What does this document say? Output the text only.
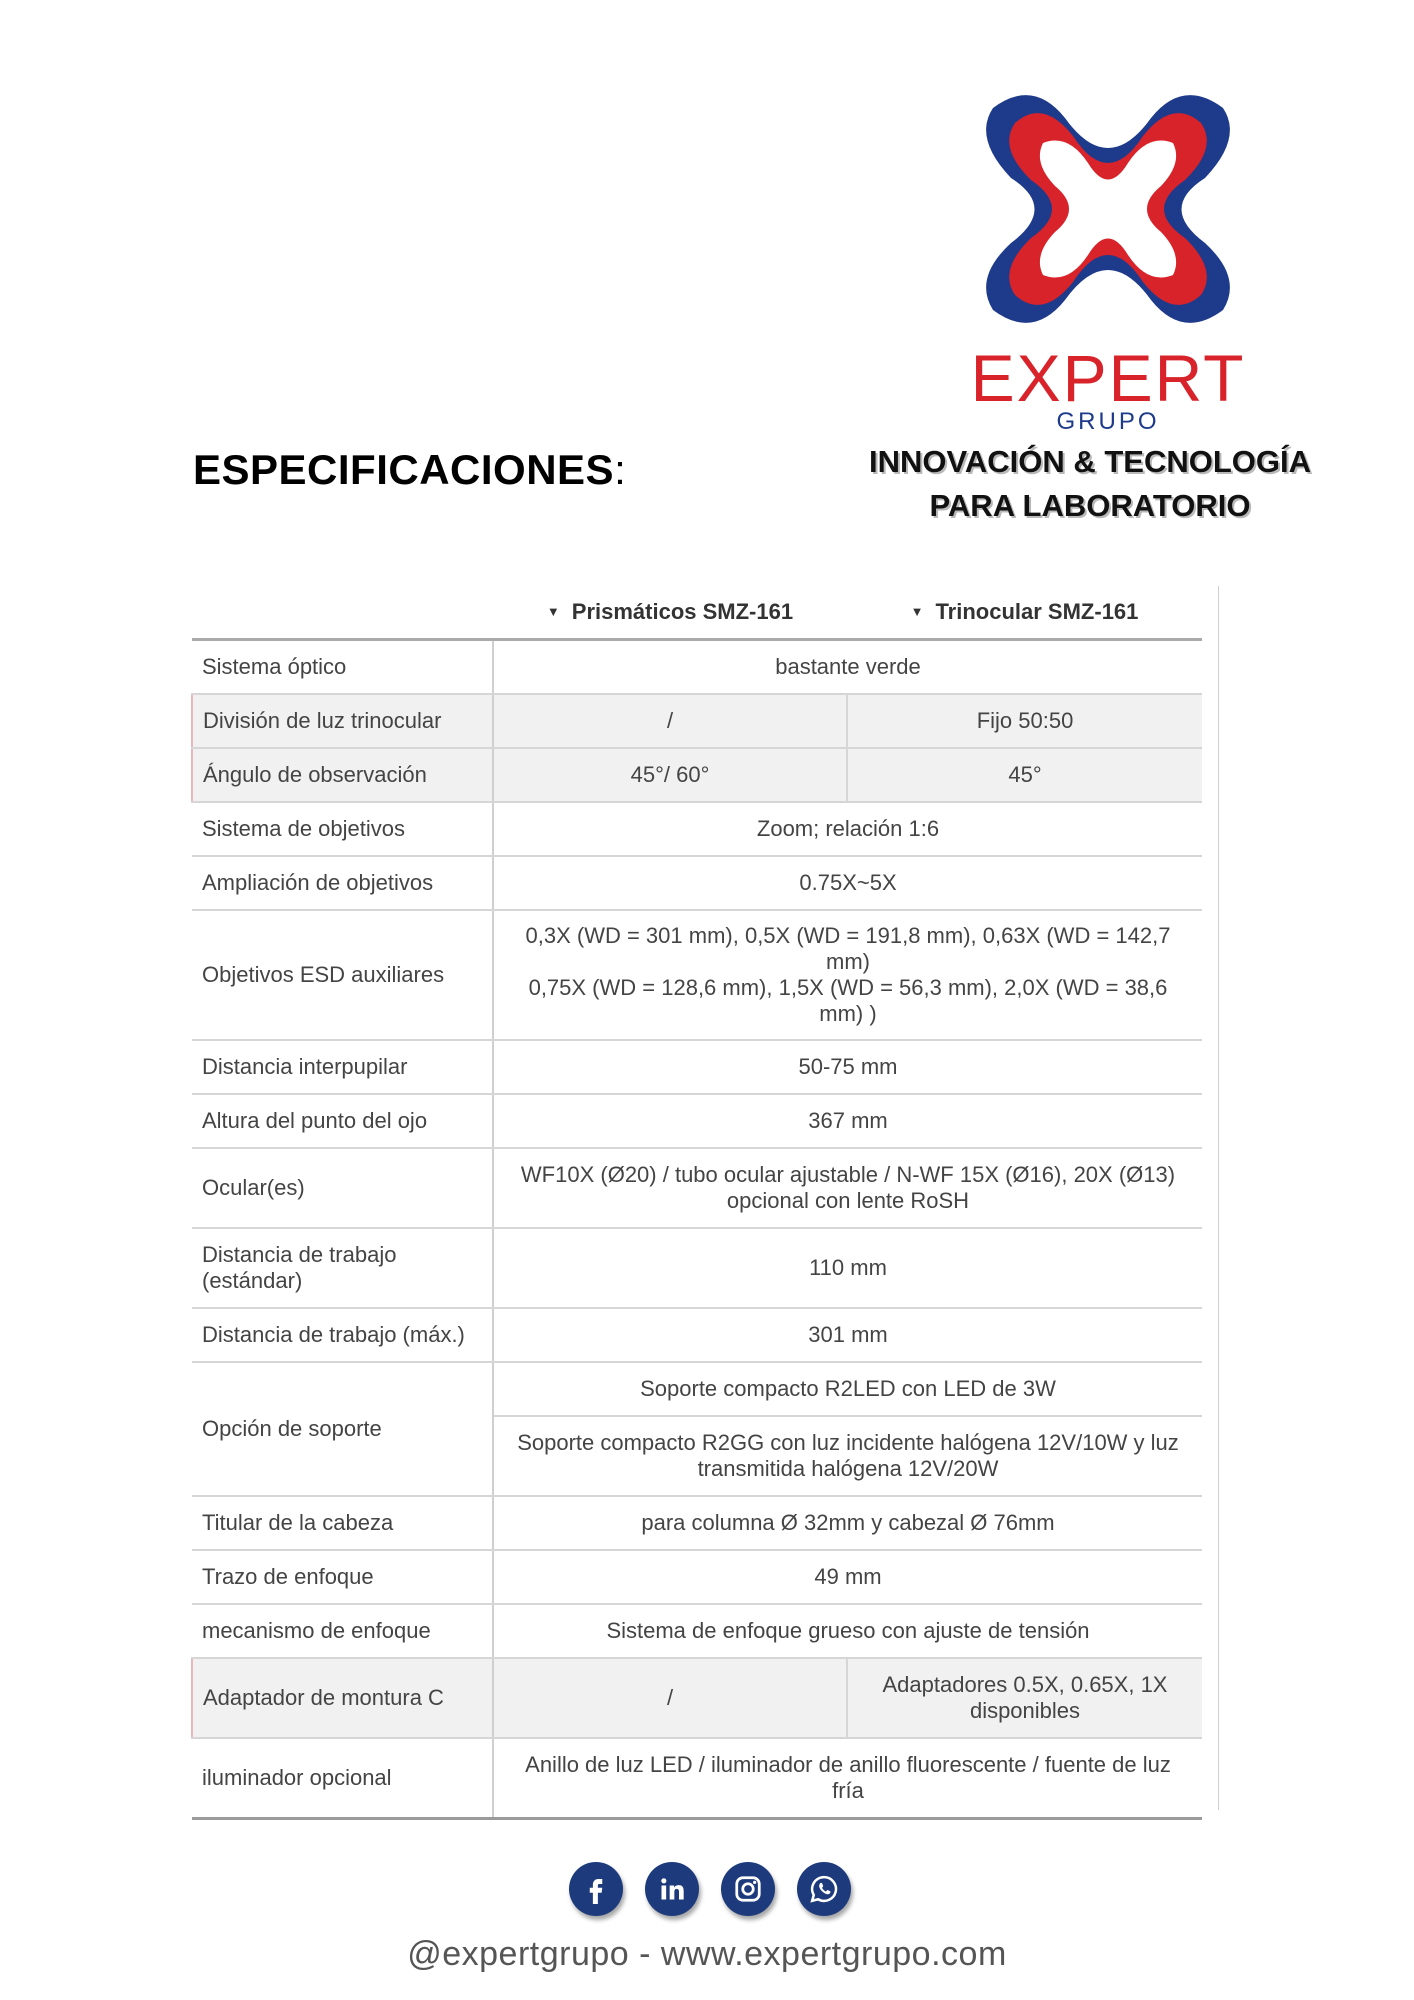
EXPERT
GRUPO
ESPECIFICACIONES:	INNOVACIÓN & TECNOLOGÍA
PARA LABORATORIO
	▼ Prismáticos SMZ-161	▼ Trinocular SMZ-161
Sistema óptico	bastante verde	
División de luz trinocular	/	Fijo 50:50
Ángulo de observación	45°/ 60°	45°
Sistema de objetivos	Zoom; relación 1:6	
Ampliación de objetivos	0.75X~5X	
Objetivos ESD auxiliares	0,3X (WD = 301 mm), 0,5X (WD = 191,8 mm), 0,63X (WD = 142,7 mm)
0,75X (WD = 128,6 mm), 1,5X (WD = 56,3 mm), 2,0X (WD = 38,6 mm) )	

Distancia interpupilar	50-75 mm	
Altura del punto del ojo	367 mm	
Ocular(es)	WF10X (Ø20) / tubo ocular ajustable / N-WF 15X (Ø16), 20X (Ø13) opcional con lente RoSH	
Distancia de trabajo (estándar)	110 mm	
Distancia de trabajo (máx.)	301 mm	
Opción de soporte	Soporte compacto R2LED con LED de 3W	
	Soporte compacto R2GG con luz incidente halógena 12V/10W y luz transmitida halógena 12V/20W	
Titular de la cabeza	para columna Ø 32mm y cabezal Ø 76mm	
Trazo de enfoque	49 mm	
mecanismo de enfoque	Sistema de enfoque grueso con ajuste de tensión	
Adaptador de montura C	/	Adaptadores 0.5X, 0.65X, 1X disponibles
iluminador opcional	Anillo de luz LED / iluminador de anillo fluorescente / fuente de luz fría	
@expertgrupo - www.expertgrupo.com
